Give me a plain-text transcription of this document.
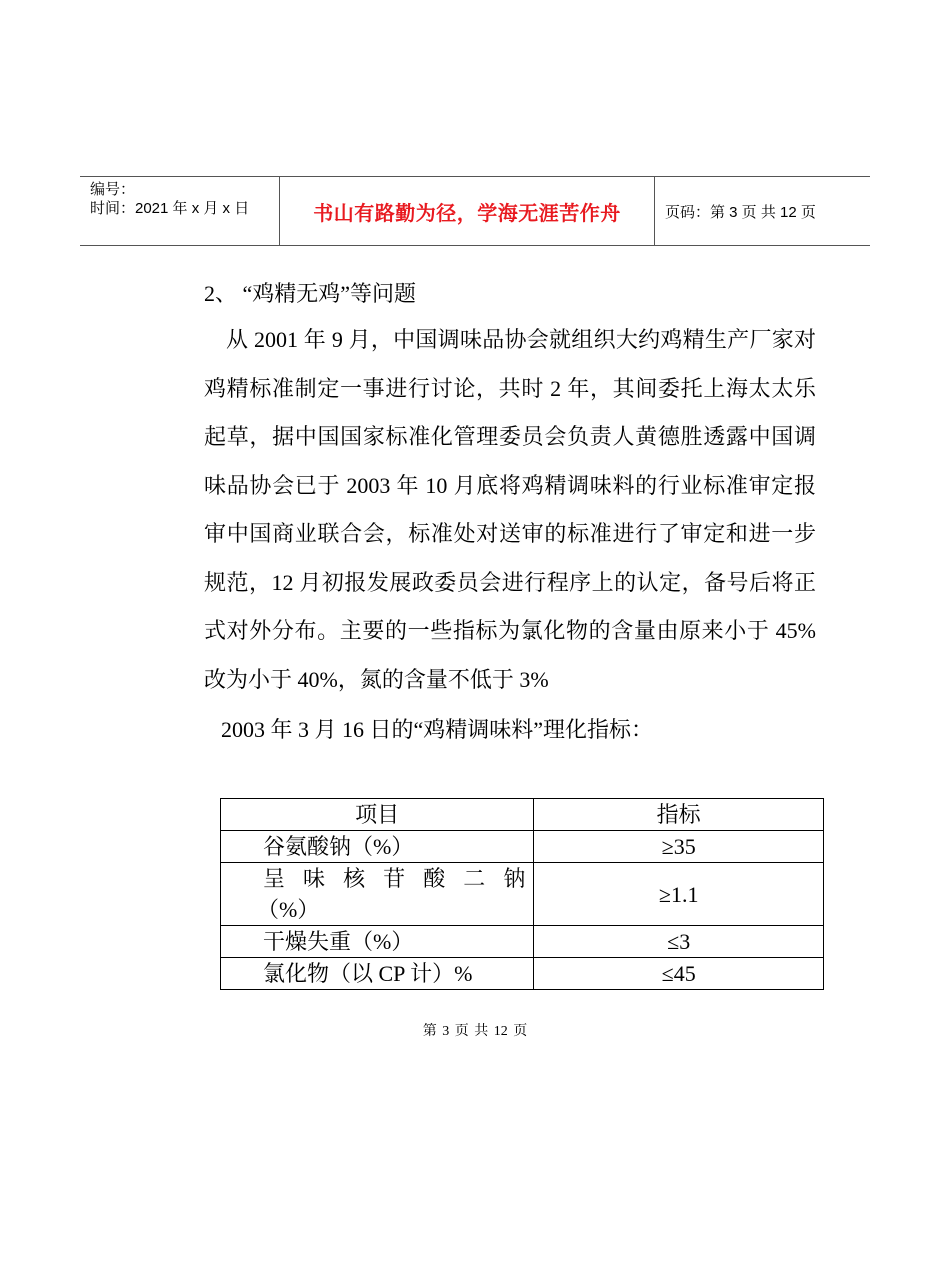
编号：
时间：2021 年 x 月 x 日	书山有路勤为径，学海无涯苦作舟	页码：第 3 页 共 12 页

2、 “鸡精无鸡”等问题

从 2001 年 9 月，中国调味品协会就组织大约鸡精生产厂家对鸡精标准制定一事进行讨论，共时 2 年，其间委托上海太太乐起草，据中国国家标准化管理委员会负责人黄德胜透露中国调味品协会已于 2003 年 10 月底将鸡精调味料的行业标准审定报审中国商业联合会，标准处对送审的标准进行了审定和进一步规范，12 月初报发展政委员会进行程序上的认定，备号后将正式对外分布。主要的一些指标为氯化物的含量由原来小于 45%改为小于 40%，氮的含量不低于 3%

2003 年 3 月 16 日的“鸡精调味料”理化指标：

项目	指标
谷氨酸钠（%）	≥35

呈 味 核 苷 酸 二 钠
（%）	≥1.1
干燥失重（%）	≤3
氯化物（以 CP 计）%	≤45
第 3 页 共 12 页
